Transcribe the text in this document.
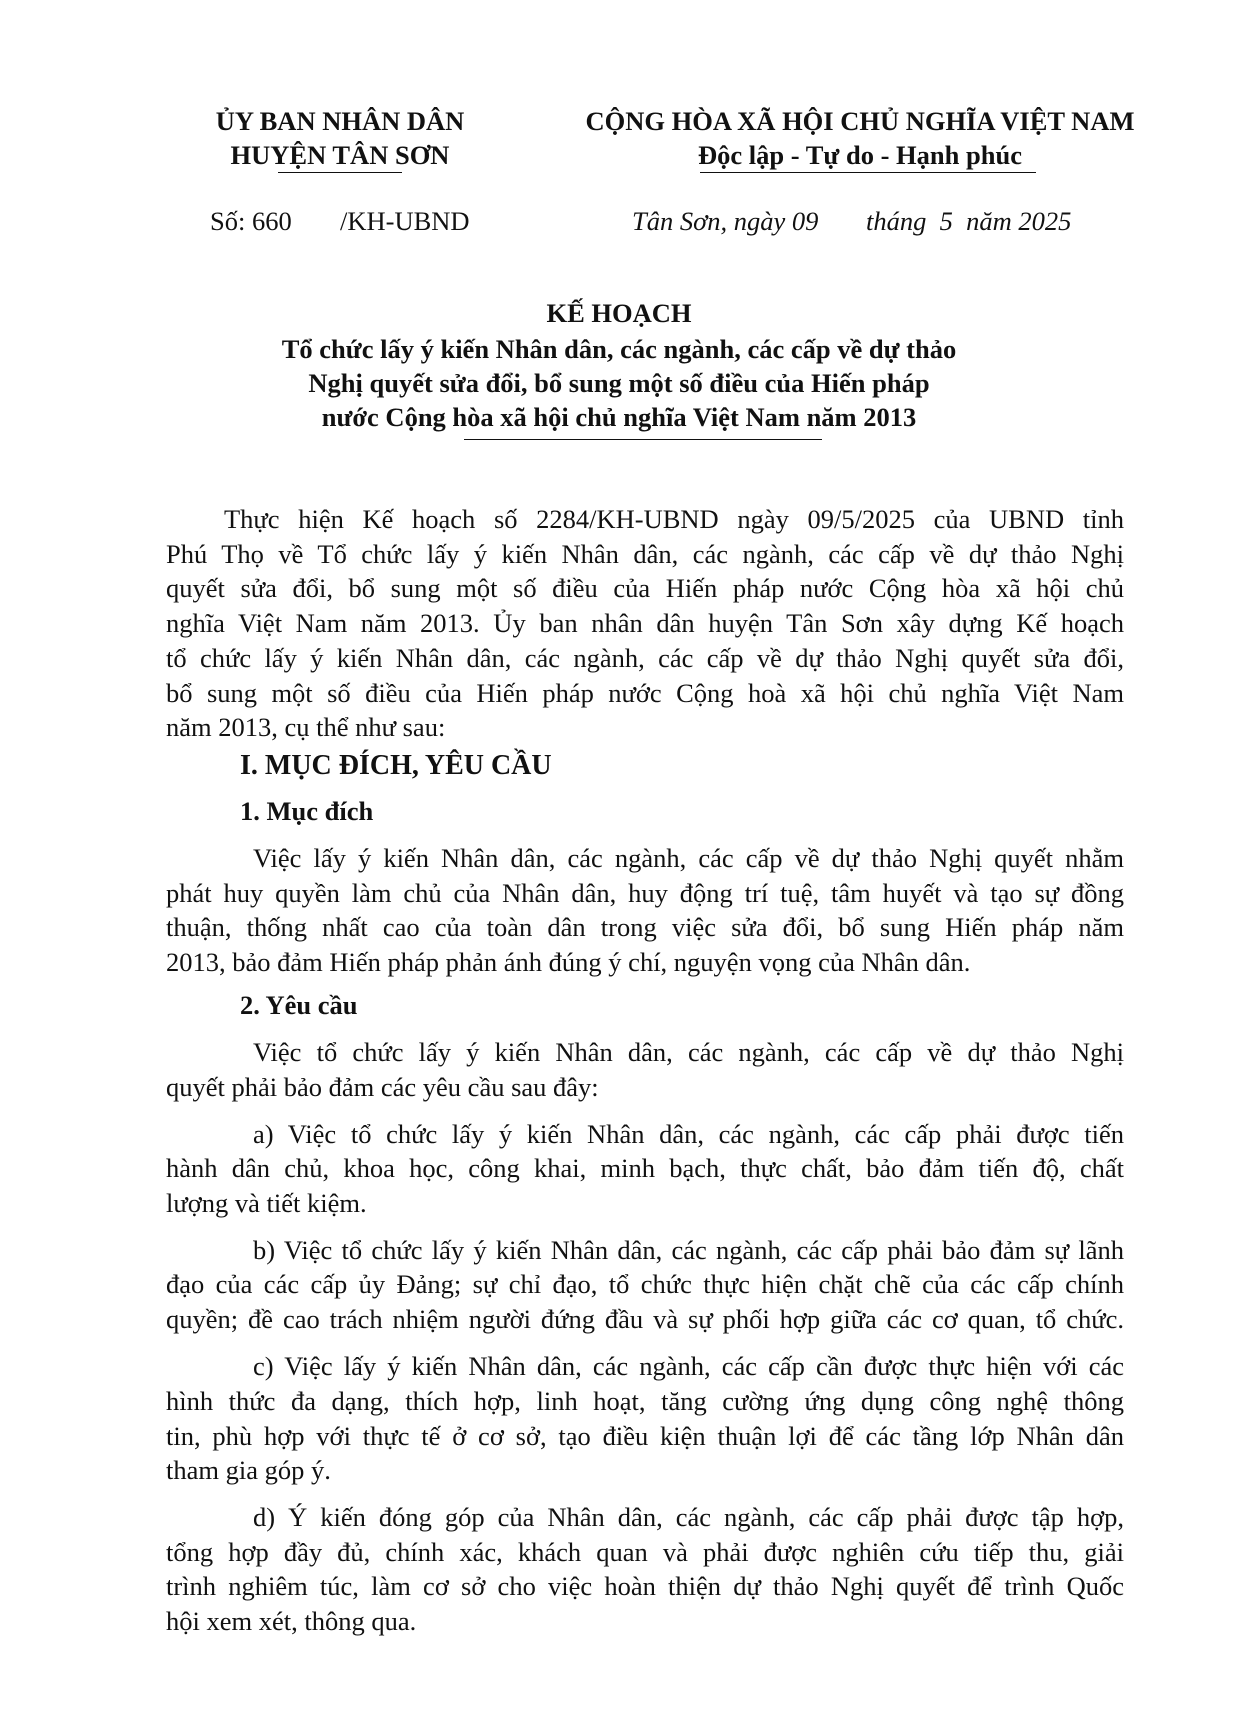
ỦY BAN NHÂN DÂN
HUYỆN TÂN SƠN
CỘNG HÒA XÃ HỘI CHỦ NGHĨA VIỆT NAM
Độc lập - Tự do - Hạnh phúc
Số: 660 /KH-UBND	Tân Sơn, ngày 09 tháng  5  năm 2025
KẾ HOẠCH
Tổ chức lấy ý kiến Nhân dân, các ngành, các cấp về dự thảo
Nghị quyết sửa đổi, bổ sung một số điều của Hiến pháp
nước Cộng hòa xã hội chủ nghĩa Việt Nam năm 2013
Thực hiện Kế hoạch số 2284/KH-UBND ngày 09/5/2025 của UBND tỉnh
Phú Thọ về Tổ chức lấy ý kiến Nhân dân, các ngành, các cấp về dự thảo Nghị
quyết sửa đổi, bổ sung một số điều của Hiến pháp nước Cộng hòa xã hội chủ
nghĩa Việt Nam năm 2013. Ủy ban nhân dân huyện Tân Sơn xây dựng Kế hoạch
tổ chức lấy ý kiến Nhân dân, các ngành, các cấp về dự thảo Nghị quyết sửa đổi,
bổ sung một số điều của Hiến pháp nước Cộng hoà xã hội chủ nghĩa Việt Nam
năm 2013, cụ thể như sau:
I. MỤC ĐÍCH, YÊU CẦU
1. Mục đích
Việc lấy ý kiến Nhân dân, các ngành, các cấp về dự thảo Nghị quyết nhằm
phát huy quyền làm chủ của Nhân dân, huy động trí tuệ, tâm huyết và tạo sự đồng
thuận, thống nhất cao của toàn dân trong việc sửa đổi, bổ sung Hiến pháp năm
2013, bảo đảm Hiến pháp phản ánh đúng ý chí, nguyện vọng của Nhân dân.
2. Yêu cầu
Việc tổ chức lấy ý kiến Nhân dân, các ngành, các cấp về dự thảo Nghị
quyết phải bảo đảm các yêu cầu sau đây:
a) Việc tổ chức lấy ý kiến Nhân dân, các ngành, các cấp phải được tiến
hành dân chủ, khoa học, công khai, minh bạch, thực chất, bảo đảm tiến độ, chất
lượng và tiết kiệm.
b) Việc tổ chức lấy ý kiến Nhân dân, các ngành, các cấp phải bảo đảm sự lãnh
đạo của các cấp ủy Đảng; sự chỉ đạo, tổ chức thực hiện chặt chẽ của các cấp chính
quyền; đề cao trách nhiệm người đứng đầu và sự phối hợp giữa các cơ quan, tổ chức.
c) Việc lấy ý kiến Nhân dân, các ngành, các cấp cần được thực hiện với các
hình thức đa dạng, thích hợp, linh hoạt, tăng cường ứng dụng công nghệ thông
tin, phù hợp với thực tế ở cơ sở, tạo điều kiện thuận lợi để các tầng lớp Nhân dân
tham gia góp ý.
d) Ý kiến đóng góp của Nhân dân, các ngành, các cấp phải được tập hợp,
tổng hợp đầy đủ, chính xác, khách quan và phải được nghiên cứu tiếp thu, giải
trình nghiêm túc, làm cơ sở cho việc hoàn thiện dự thảo Nghị quyết để trình Quốc
hội xem xét, thông qua.
